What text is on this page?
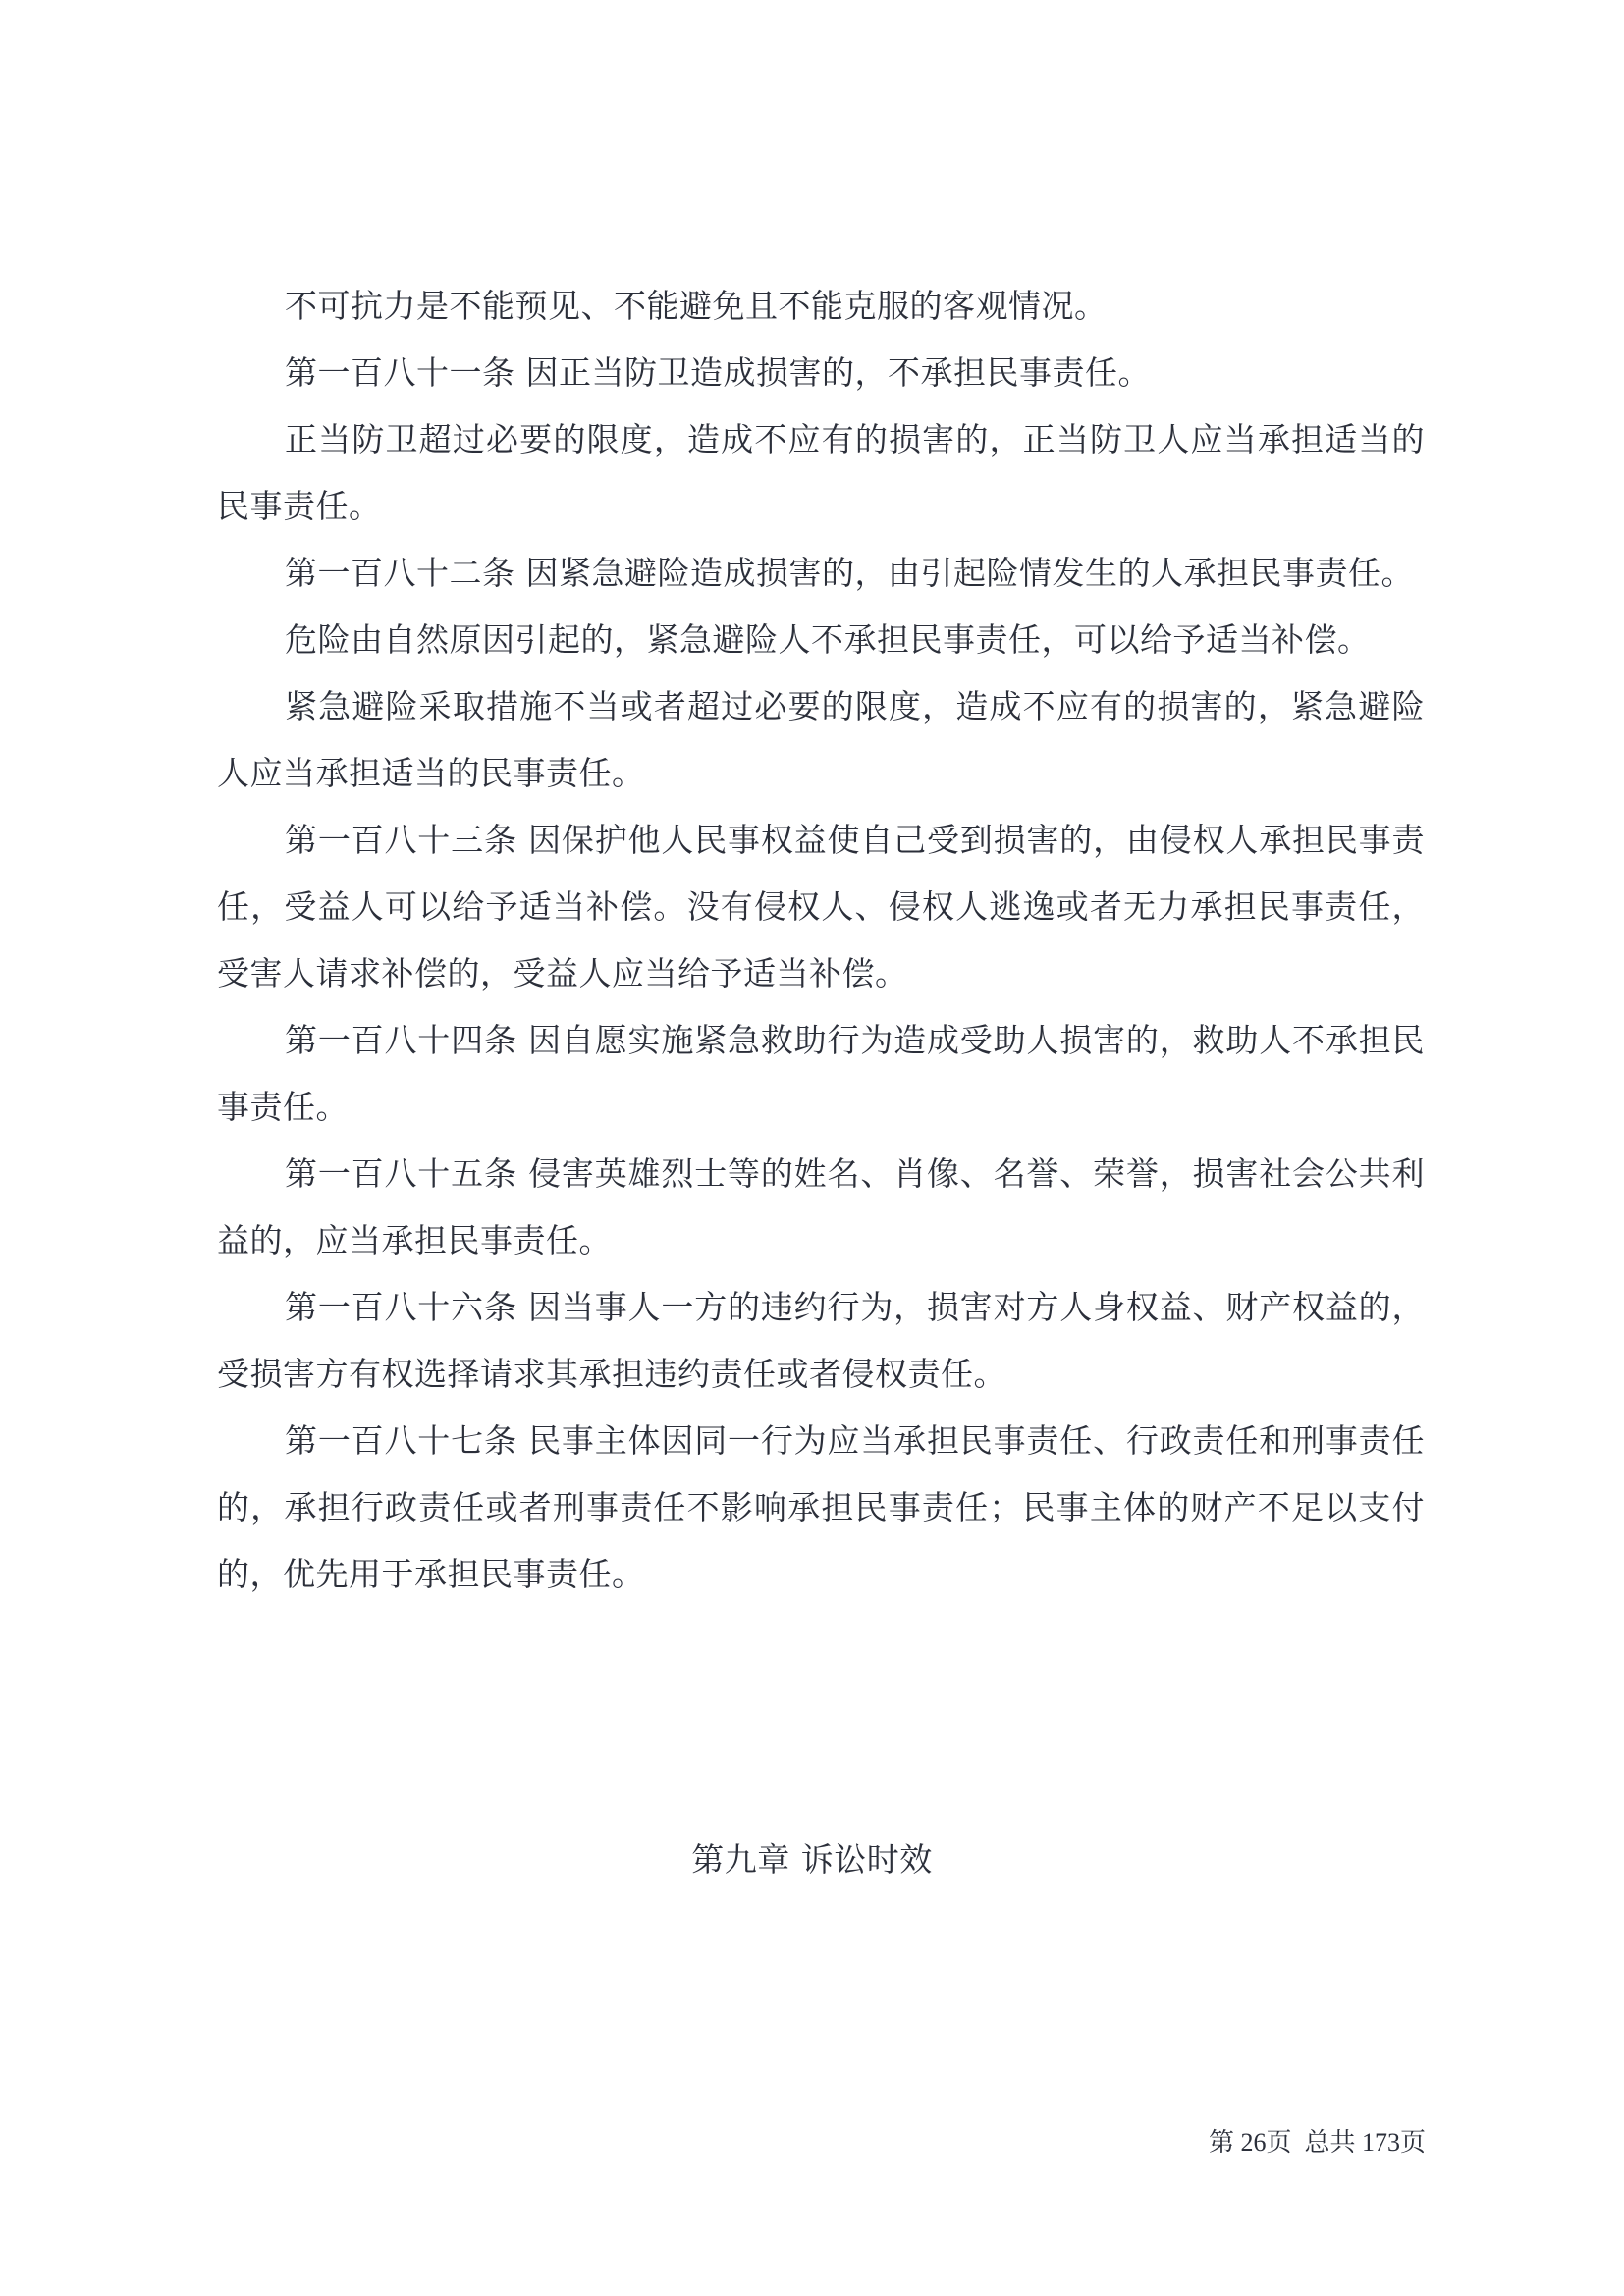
不可抗力是不能预见、不能避免且不能克服的客观情况。

第一百八十一条 因正当防卫造成损害的，不承担民事责任。

正当防卫超过必要的限度，造成不应有的损害的，正当防卫人应当承担适当的民事责任。

第一百八十二条 因紧急避险造成损害的，由引起险情发生的人承担民事责任。

危险由自然原因引起的，紧急避险人不承担民事责任，可以给予适当补偿。

紧急避险采取措施不当或者超过必要的限度，造成不应有的损害的，紧急避险人应当承担适当的民事责任。

第一百八十三条 因保护他人民事权益使自己受到损害的，由侵权人承担民事责任，受益人可以给予适当补偿。没有侵权人、侵权人逃逸或者无力承担民事责任，受害人请求补偿的，受益人应当给予适当补偿。

第一百八十四条 因自愿实施紧急救助行为造成受助人损害的，救助人不承担民事责任。

第一百八十五条 侵害英雄烈士等的姓名、肖像、名誉、荣誉，损害社会公共利益的，应当承担民事责任。

第一百八十六条 因当事人一方的违约行为，损害对方人身权益、财产权益的，受损害方有权选择请求其承担违约责任或者侵权责任。

第一百八十七条 民事主体因同一行为应当承担民事责任、行政责任和刑事责任的，承担行政责任或者刑事责任不影响承担民事责任；民事主体的财产不足以支付的，优先用于承担民事责任。

第九章 诉讼时效
第 26页 总共 173页
